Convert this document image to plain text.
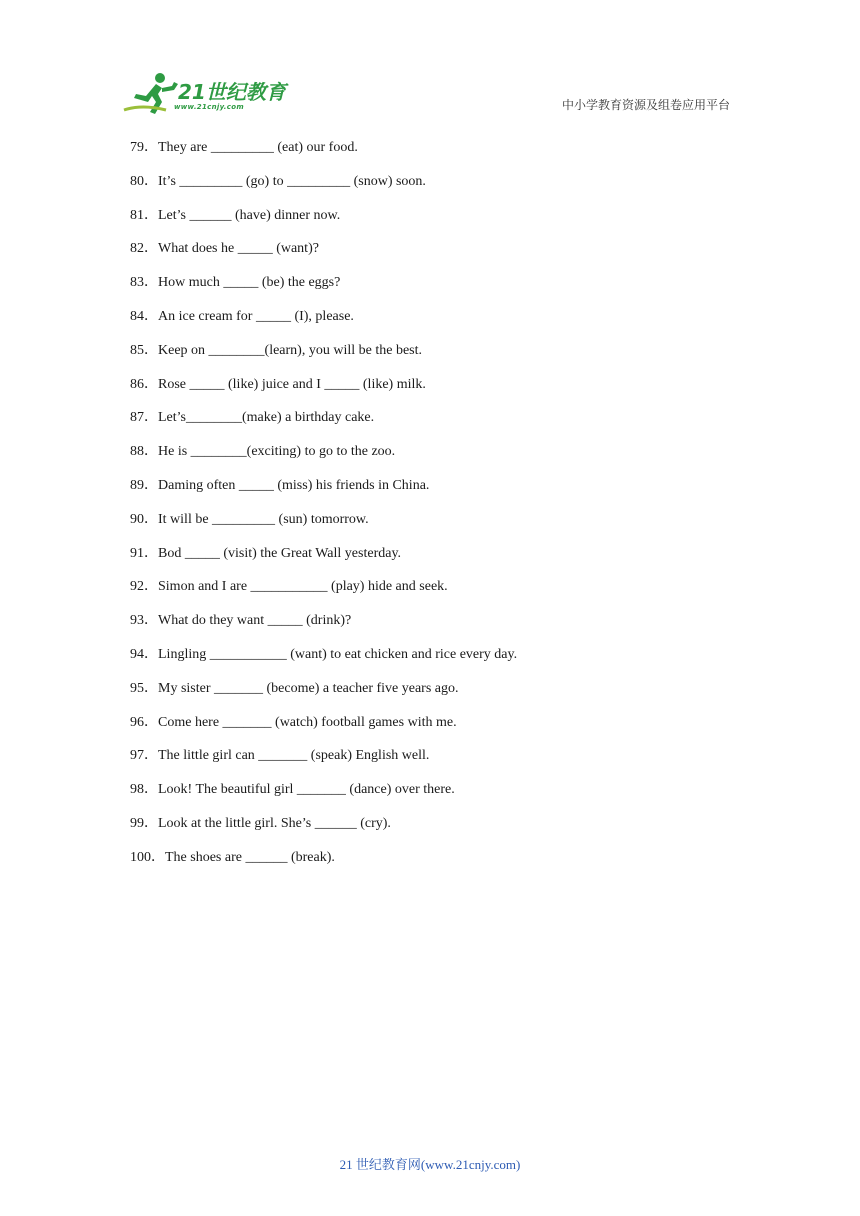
21世纪教育
www.21cnjy.com	中小学教育资源及组卷应用平台
79．They are _________ (eat) our food.
80．It’s _________ (go) to _________ (snow) soon.
81．Let’s ______ (have) dinner now.
82．What does he _____ (want)?
83．How much _____ (be) the eggs?
84．An ice cream for _____ (I), please.
85．Keep on ________(learn), you will be the best.
86．Rose _____ (like) juice and I _____ (like) milk.
87．Let’s________(make) a birthday cake.
88．He is ________(exciting) to go to the zoo.
89．Daming often _____ (miss) his friends in China.
90．It will be _________ (sun) tomorrow.
91．Bod _____ (visit) the Great Wall yesterday.
92．Simon and I are ___________ (play) hide and seek.
93．What do they want _____ (drink)?
94．Lingling ___________ (want) to eat chicken and rice every day.
95．My sister _______ (become) a teacher five years ago.
96．Come here _______ (watch) football games with me.
97．The little girl can _______ (speak) English well.
98．Look! The beautiful girl _______ (dance) over there.
99．Look at the little girl. She’s ______ (cry).
100．The shoes are ______ (break).
21 世纪教育网(www.21cnjy.com)
